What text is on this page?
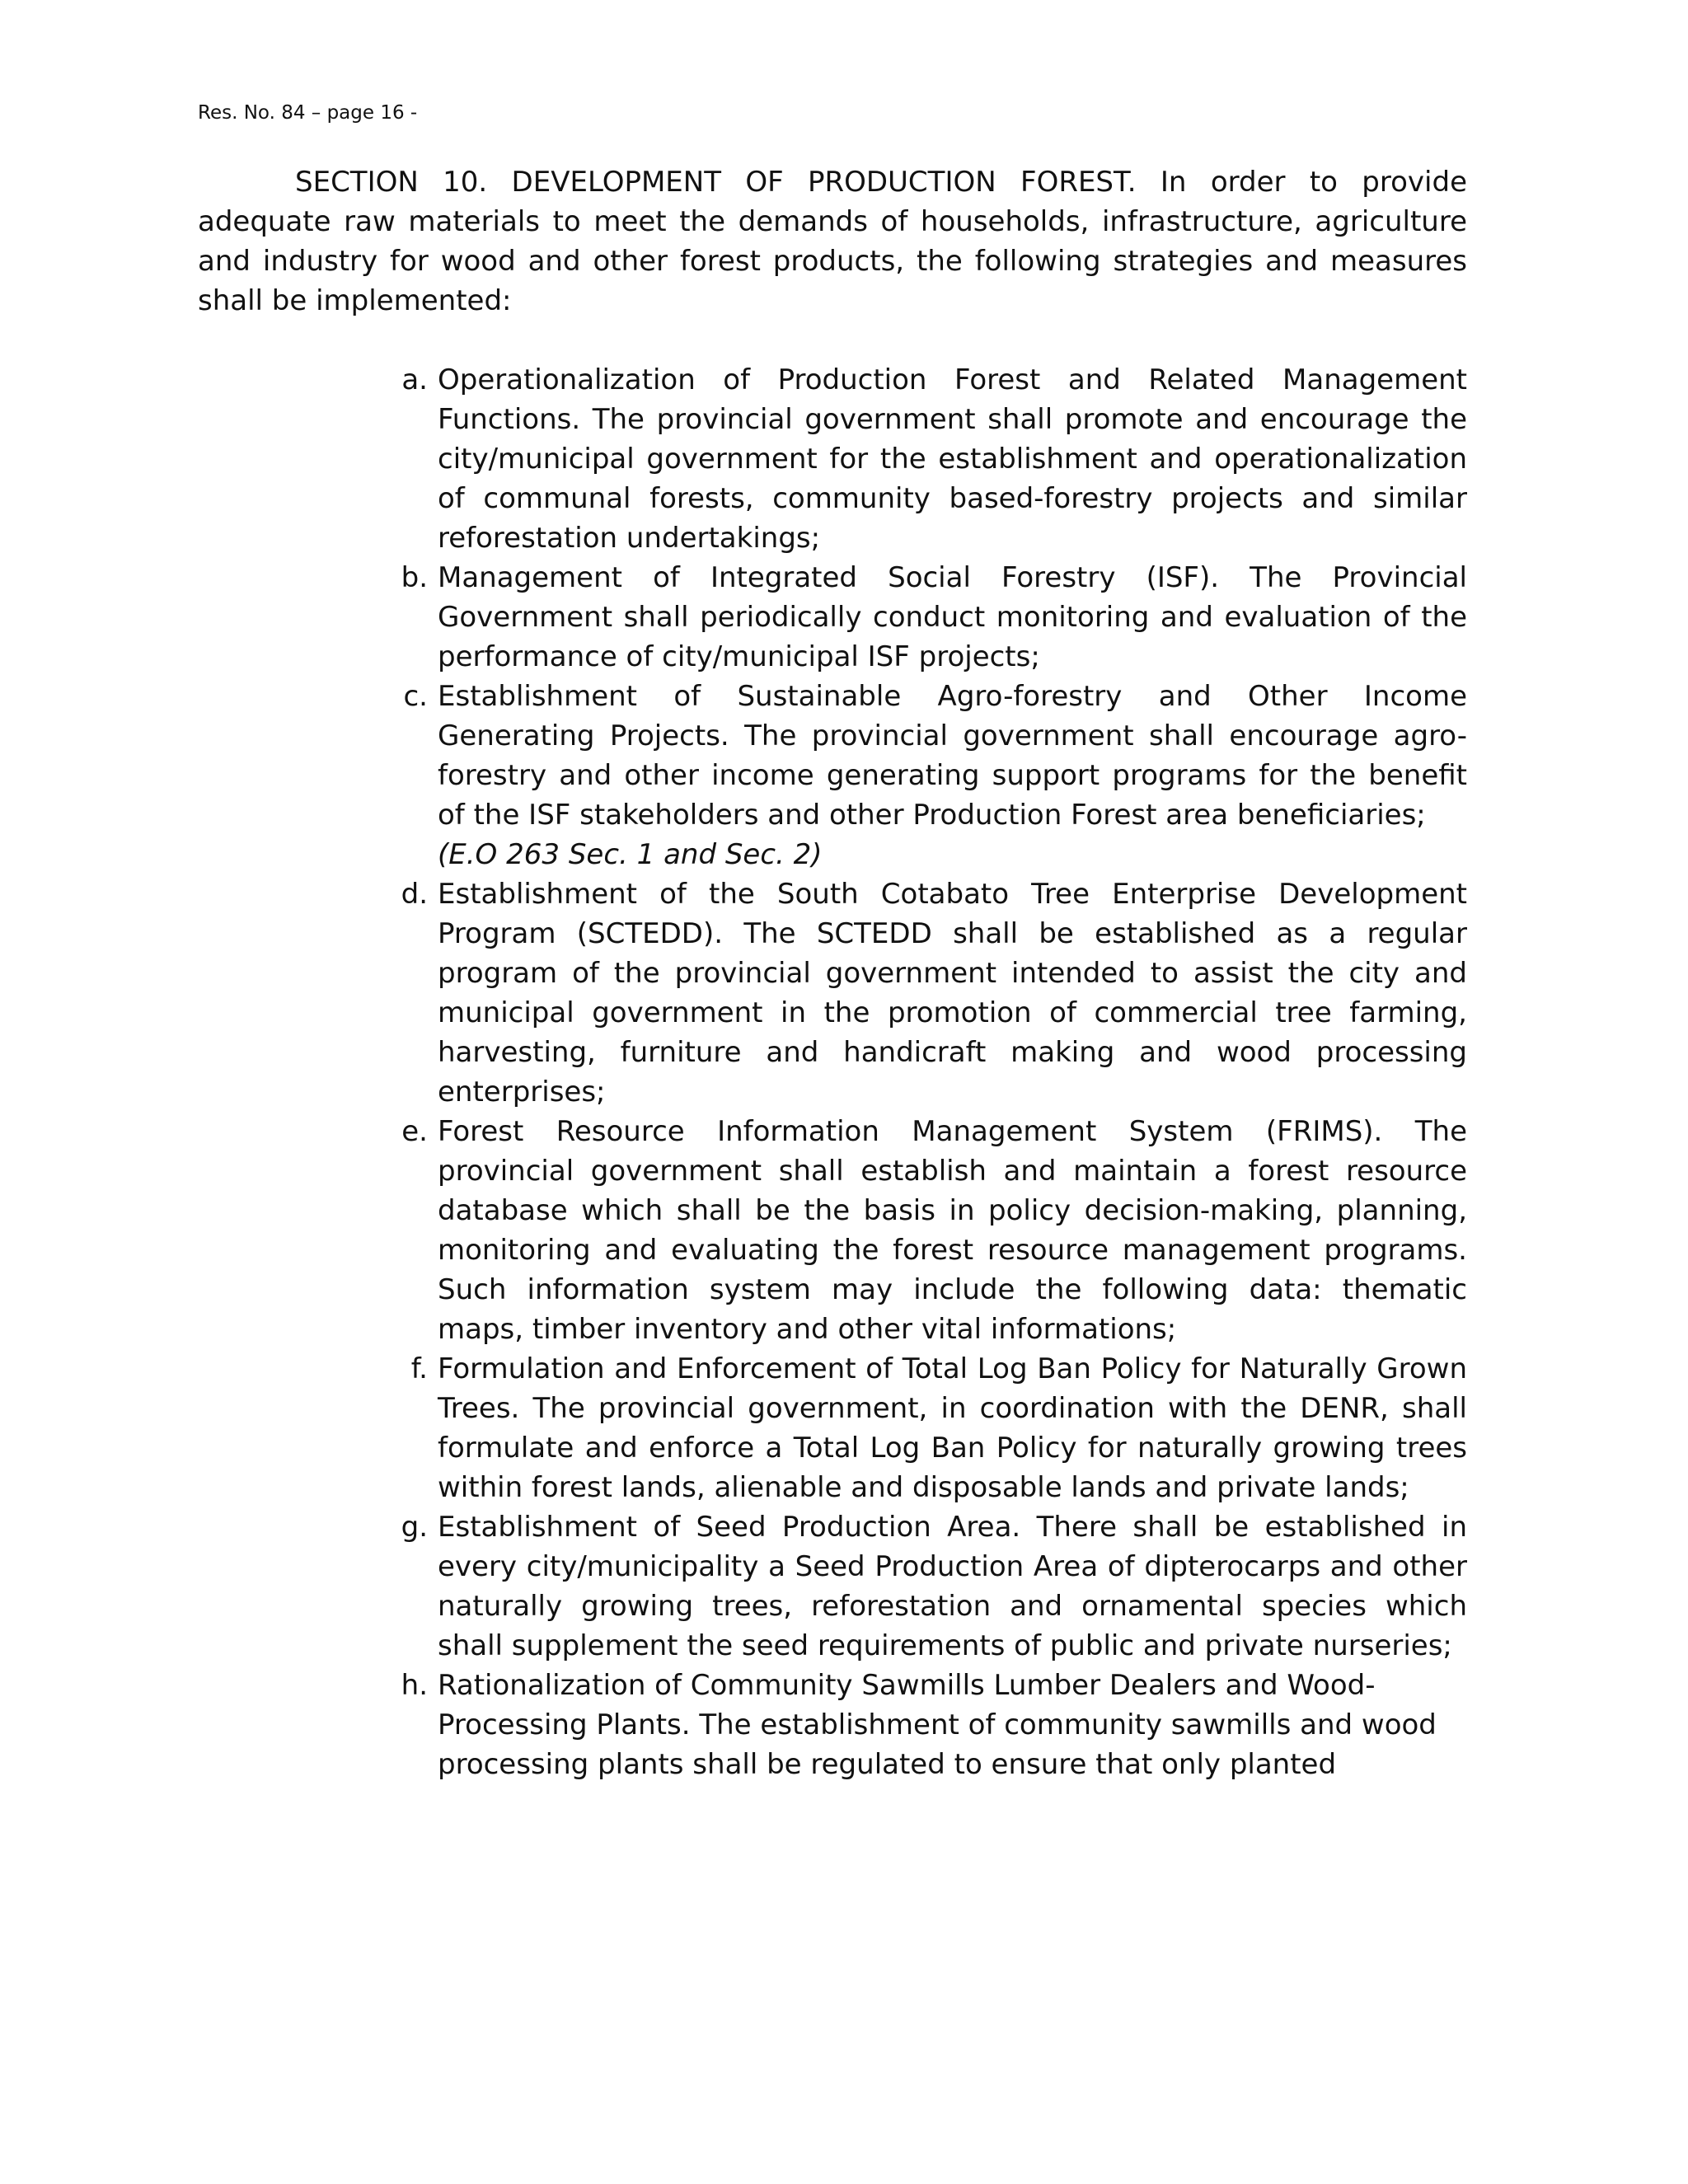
Res. No. 84 – page 16 -

SECTION 10. DEVELOPMENT OF PRODUCTION FOREST. In order to provide adequate raw materials to meet the demands of households, infrastructure, agriculture and industry for wood and other forest products, the following strategies and measures shall be implemented:

a. Operationalization of Production Forest and Related Management Functions. The provincial government shall promote and encourage the city/municipal government for the establishment and operationalization of communal forests, community based-forestry projects and similar reforestation undertakings;
b. Management of Integrated Social Forestry (ISF). The Provincial Government shall periodically conduct monitoring and evaluation of the performance of city/municipal ISF projects;
c. Establishment of Sustainable Agro-forestry and Other Income Generating Projects. The provincial government shall encourage agro-forestry and other income generating support programs for the benefit of the ISF stakeholders and other Production Forest area beneficiaries;
(E.O 263 Sec. 1 and Sec. 2)
d. Establishment of the South Cotabato Tree Enterprise Development Program (SCTEDD). The SCTEDD shall be established as a regular program of the provincial government intended to assist the city and municipal government in the promotion of commercial tree farming, harvesting, furniture and handicraft making and wood processing enterprises;
e. Forest Resource Information Management System (FRIMS). The provincial government shall establish and maintain a forest resource database which shall be the basis in policy decision-making, planning, monitoring and evaluating the forest resource management programs. Such information system may include the following data: thematic maps, timber inventory and other vital informations;
f. Formulation and Enforcement of Total Log Ban Policy for Naturally Grown Trees. The provincial government, in coordination with the DENR, shall formulate and enforce a Total Log Ban Policy for naturally growing trees within forest lands, alienable and disposable lands and private lands;
g. Establishment of Seed Production Area. There shall be established in every city/municipality a Seed Production Area of dipterocarps and other naturally growing trees, reforestation and ornamental species which shall supplement the seed requirements of public and private nurseries;
h. Rationalization of Community Sawmills Lumber Dealers and Wood-Processing Plants. The establishment of community sawmills and wood processing plants shall be regulated to ensure that only planted
